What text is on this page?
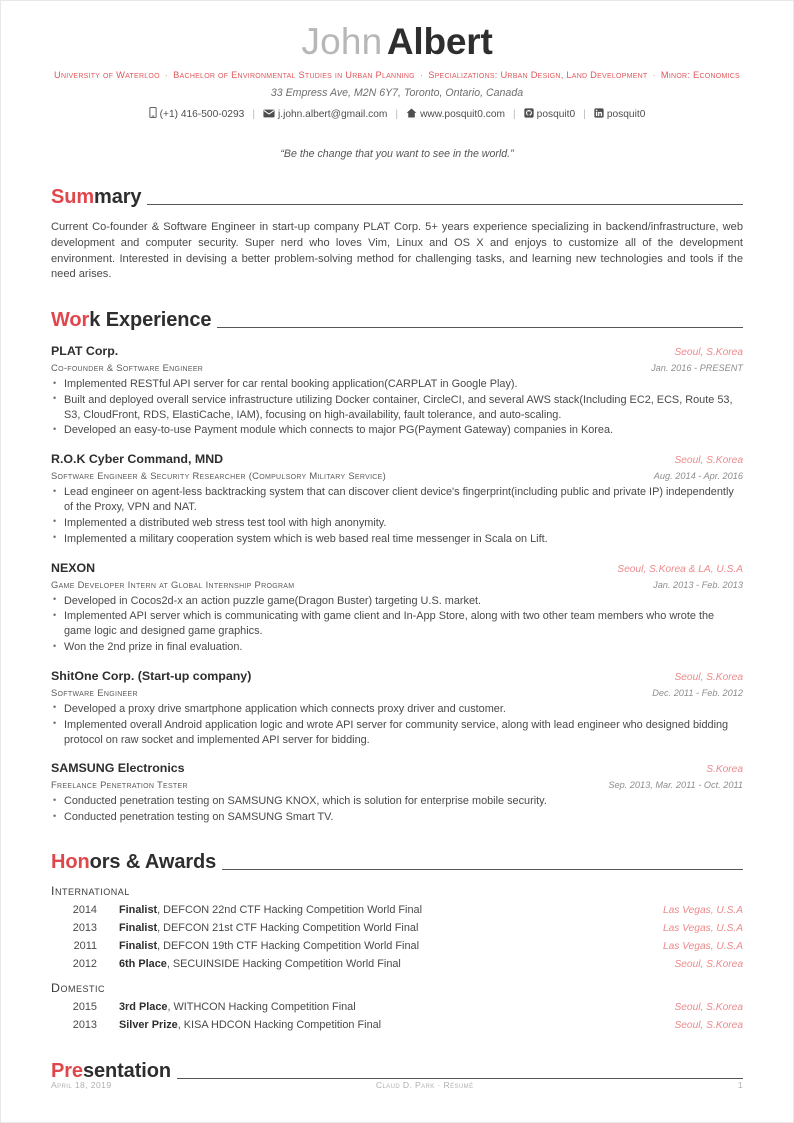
John Albert
University of Waterloo · Bachelor of Environmental Studies in Urban Planning · Specializations: Urban Design, Land Development · Minor: Economics
33 Empress Ave, M2N 6Y7, Toronto, Ontario, Canada
(+1) 416-500-0293 | j.john.albert@gmail.com | www.posquit0.com | posquit0 | posquit0
“Be the change that you want to see in the world.”
Summary
Current Co-founder & Software Engineer in start-up company PLAT Corp. 5+ years experience specializing in backend/infrastructure, web development and computer security. Super nerd who loves Vim, Linux and OS X and enjoys to customize all of the development environment. Interested in devising a better problem-solving method for challenging tasks, and learning new technologies and tools if the need arises.
Work Experience
PLAT Corp.	Seoul, S.Korea
Co-founder & Software Engineer	Jan. 2016 - PRESENT
• Implemented RESTful API server for car rental booking application(CARPLAT in Google Play).
• Built and deployed overall service infrastructure utilizing Docker container, CircleCI, and several AWS stack(Including EC2, ECS, Route 53, S3, CloudFront, RDS, ElastiCache, IAM), focusing on high-availability, fault tolerance, and auto-scaling.
• Developed an easy-to-use Payment module which connects to major PG(Payment Gateway) companies in Korea.
R.O.K Cyber Command, MND	Seoul, S.Korea
Software Engineer & Security Researcher (Compulsory Military Service)	Aug. 2014 - Apr. 2016
• Lead engineer on agent-less backtracking system that can discover client device's fingerprint(including public and private IP) independently of the Proxy, VPN and NAT.
• Implemented a distributed web stress test tool with high anonymity.
• Implemented a military cooperation system which is web based real time messenger in Scala on Lift.
NEXON	Seoul, S.Korea & LA, U.S.A
Game Developer Intern at Global Internship Program	Jan. 2013 - Feb. 2013
• Developed in Cocos2d-x an action puzzle game(Dragon Buster) targeting U.S. market.
• Implemented API server which is communicating with game client and In-App Store, along with two other team members who wrote the game logic and designed game graphics.
• Won the 2nd prize in final evaluation.
ShitOne Corp. (Start-up company)	Seoul, S.Korea
Software Engineer	Dec. 2011 - Feb. 2012
• Developed a proxy drive smartphone application which connects proxy driver and customer.
• Implemented overall Android application logic and wrote API server for community service, along with lead engineer who designed bidding protocol on raw socket and implemented API server for bidding.
SAMSUNG Electronics	S.Korea
Freelance Penetration Tester	Sep. 2013, Mar. 2011 - Oct. 2011
• Conducted penetration testing on SAMSUNG KNOX, which is solution for enterprise mobile security.
• Conducted penetration testing on SAMSUNG Smart TV.
Honors & Awards
International
2014	Finalist, DEFCON 22nd CTF Hacking Competition World Final	Las Vegas, U.S.A
2013	Finalist, DEFCON 21st CTF Hacking Competition World Final	Las Vegas, U.S.A
2011	Finalist, DEFCON 19th CTF Hacking Competition World Final	Las Vegas, U.S.A
2012	6th Place, SECUINSIDE Hacking Competition World Final	Seoul, S.Korea
Domestic
2015	3rd Place, WITHCON Hacking Competition Final	Seoul, S.Korea
2013	Silver Prize, KISA HDCON Hacking Competition Final	Seoul, S.Korea
Presentation
April 18, 2019	Claud D. Park · Résumé	1
